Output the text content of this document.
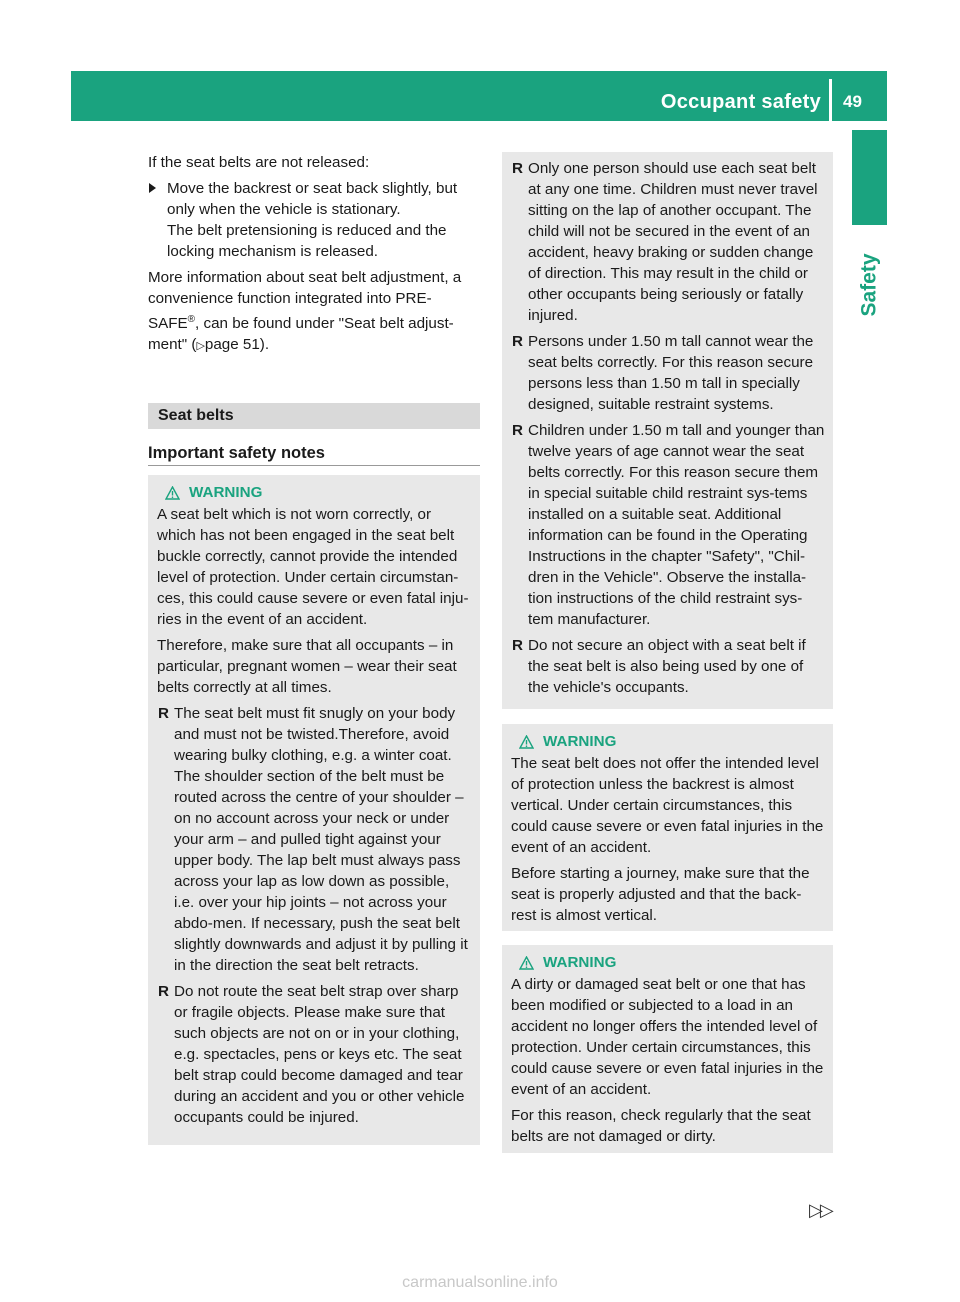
Occupant safety 49
Safety

If the seat belts are not released:

Move the backrest or seat back slightly, but only when the vehicle is stationary.
The belt pretensioning is reduced and the locking mechanism is released.

More information about seat belt adjustment, a convenience function integrated into PRE-SAFE®, can be found under "Seat belt adjust-ment" (▷page 51).

Seat belts
Important safety notes
WARNING

A seat belt which is not worn correctly, or which has not been engaged in the seat belt buckle correctly, cannot provide the intended level of protection. Under certain circumstan-ces, this could cause severe or even fatal inju-ries in the event of an accident.

Therefore, make sure that all occupants – in particular, pregnant women – wear their seat belts correctly at all times.

R The seat belt must fit snugly on your body and must not be twisted.Therefore, avoid wearing bulky clothing, e.g. a winter coat. The shoulder section of the belt must be routed across the centre of your shoulder – on no account across your neck or under your arm – and pulled tight against your upper body. The lap belt must always pass across your lap as low down as possible, i.e. over your hip joints – not across your abdo-men. If necessary, push the seat belt slightly downwards and adjust it by pulling it in the direction the seat belt retracts.
R Do not route the seat belt strap over sharp or fragile objects. Please make sure that such objects are not on or in your clothing, e.g. spectacles, pens or keys etc. The seat belt strap could become damaged and tear during an accident and you or other vehicle occupants could be injured.
R Only one person should use each seat belt at any one time. Children must never travel sitting on the lap of another occupant. The child will not be secured in the event of an accident, heavy braking or sudden change of direction. This may result in the child or other occupants being seriously or fatally injured.
R Persons under 1.50 m tall cannot wear the seat belts correctly. For this reason secure persons less than 1.50 m tall in specially designed, suitable restraint systems.
R Children under 1.50 m tall and younger than twelve years of age cannot wear the seat belts correctly. For this reason secure them in special suitable child restraint sys-tems installed on a suitable seat. Additional information can be found in the Operating Instructions in the chapter "Safety", "Chil-dren in the Vehicle". Observe the installa-tion instructions of the child restraint sys-tem manufacturer.
R Do not secure an object with a seat belt if the seat belt is also being used by one of the vehicle's occupants.
WARNING

The seat belt does not offer the intended level of protection unless the backrest is almost vertical. Under certain circumstances, this could cause severe or even fatal injuries in the event of an accident.

Before starting a journey, make sure that the seat is properly adjusted and that the back-rest is almost vertical.

WARNING

A dirty or damaged seat belt or one that has been modified or subjected to a load in an accident no longer offers the intended level of protection. Under certain circumstances, this could cause severe or even fatal injuries in the event of an accident.

For this reason, check regularly that the seat belts are not damaged or dirty.

▷▷
carmanualsonline.info
